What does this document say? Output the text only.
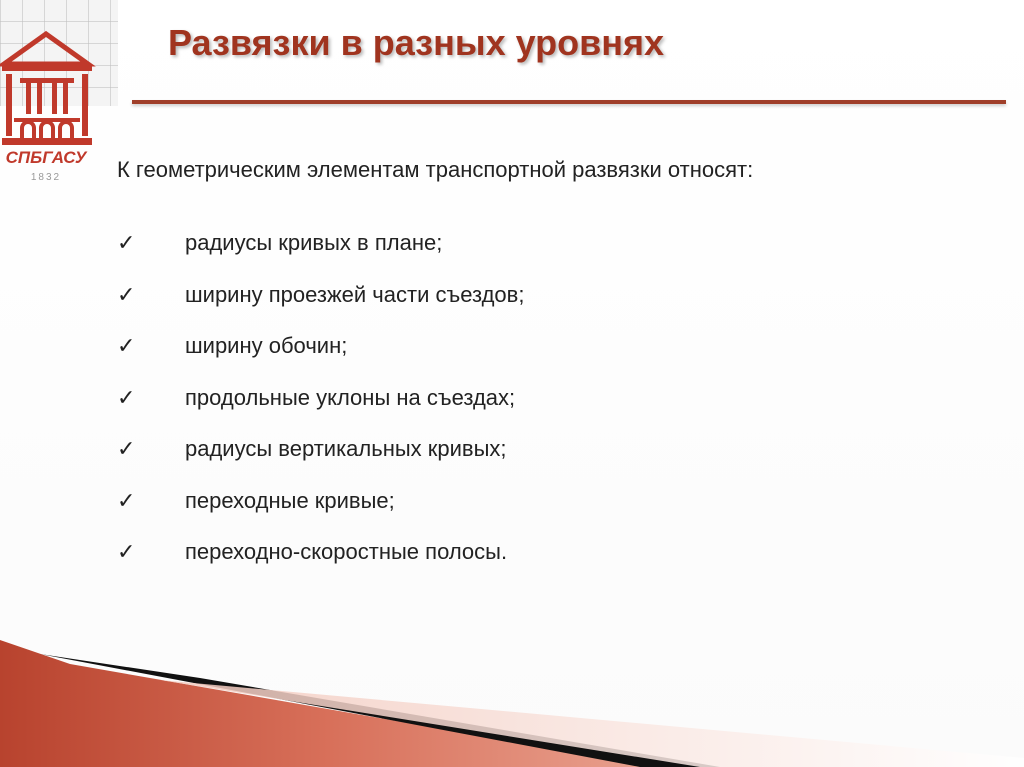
СПБГАСУ
1832
Развязки в разных уровнях

К геометрическим элементам транспортной развязки относят:

✓	радиусы кривых в плане;
✓	ширину проезжей части съездов;
✓	ширину обочин;
✓	продольные уклоны на съездах;
✓	радиусы вертикальных кривых;
✓	переходные кривые;
✓	переходно-скоростные полосы.
